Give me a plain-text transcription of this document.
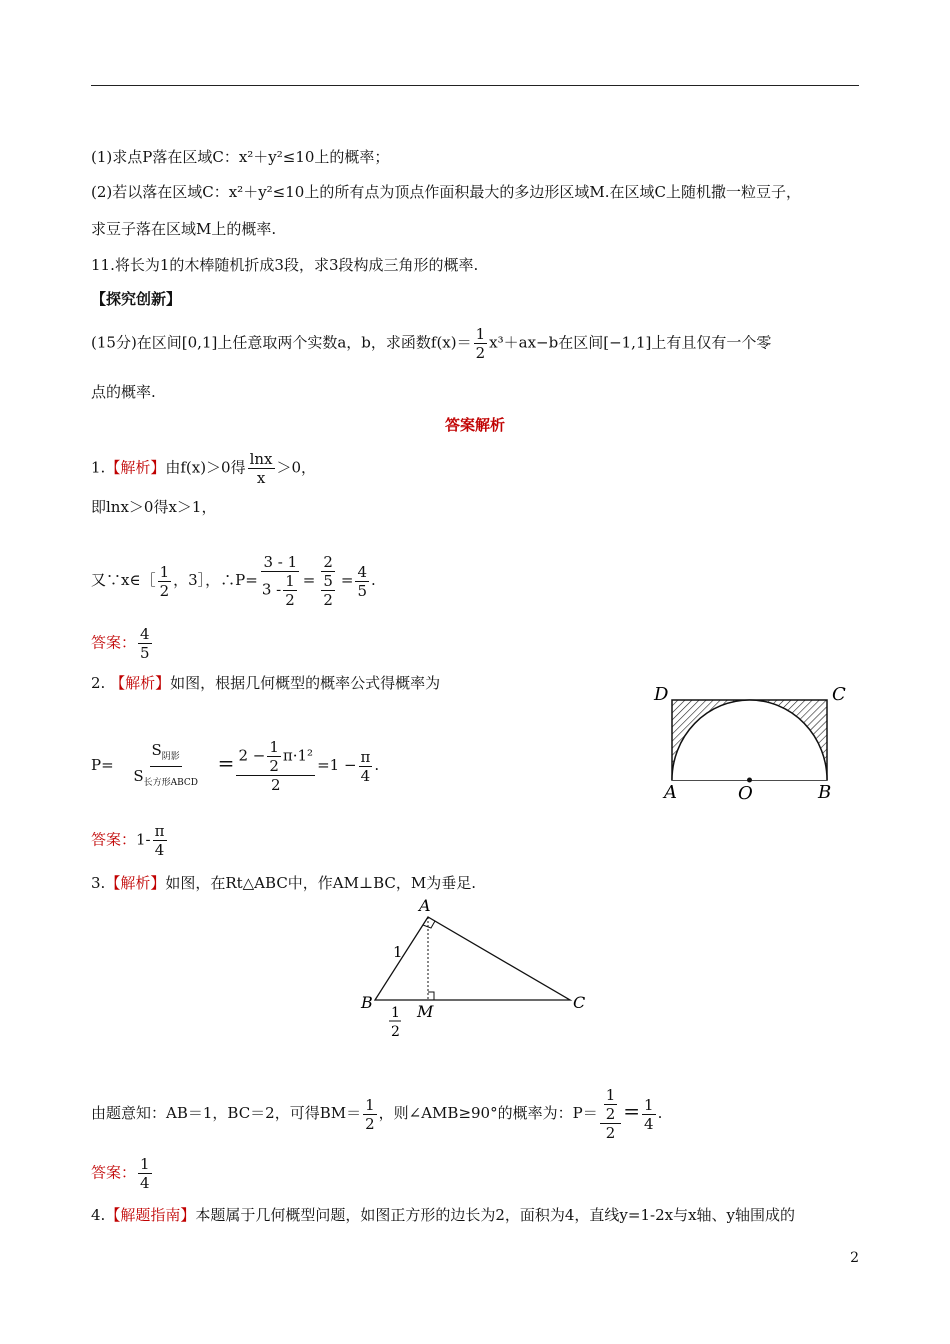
(1)求点P落在区域C：x²＋y²≤10上的概率；
(2)若以落在区域C：x²＋y²≤10上的所有点为顶点作面积最大的多边形区域M.在区域C上随机撒一粒豆子，
求豆子落在区域M上的概率.
11.将长为1的木棒随机折成3段，求3段构成三角形的概率.
【探究创新】
(15分)在区间[0,1]上任意取两个实数a，b，求函数$f(x)= \frac{1}{2} x^3+ax-b$在区间[−1,1]上有且仅有一个零
点的概率.
答案解析
1.【解析】由f(x)＞0得 $\frac{\ln x}{x} >0$，
即lnx＞0得x＞1，
又∵x∈［ $\frac{1}{2}$ ，3］，∴P= $\frac{3 - 1}{3 - \frac{1}{2}} = \frac{2}{\frac{5}{2}} = \frac{4}{5}$ .
答案： $\frac{4}{5}$
2. 【解析】如图，根据几何概型的概率公式得概率为
$P= \frac{S_{阴影}}{S_{长方形ABCD}} = \frac{2 - \frac{1}{2} \pi\cdot 1^2}{2} =1 - \frac{\pi}{4}$ .
答案：$1- \frac{\pi}{4}$
D	C
A	O	B
3.【解析】如图，在Rt△ABC中，作AM⊥BC，M为垂足.
A
B	C
M
1
1
2
由题意知：AB＝1，BC＝2，可得$BM= \frac{1}{2}$ ，则∠AMB≥90°的概率为：$P= \frac{\frac{1}{2}}{2} = \frac{1}{4}$ .
答案： $\frac{1}{4}$
4.【解题指南】本题属于几何概型问题，如图正方形的边长为2，面积为4，直线y=1-2x与x轴、y轴围成的
2
